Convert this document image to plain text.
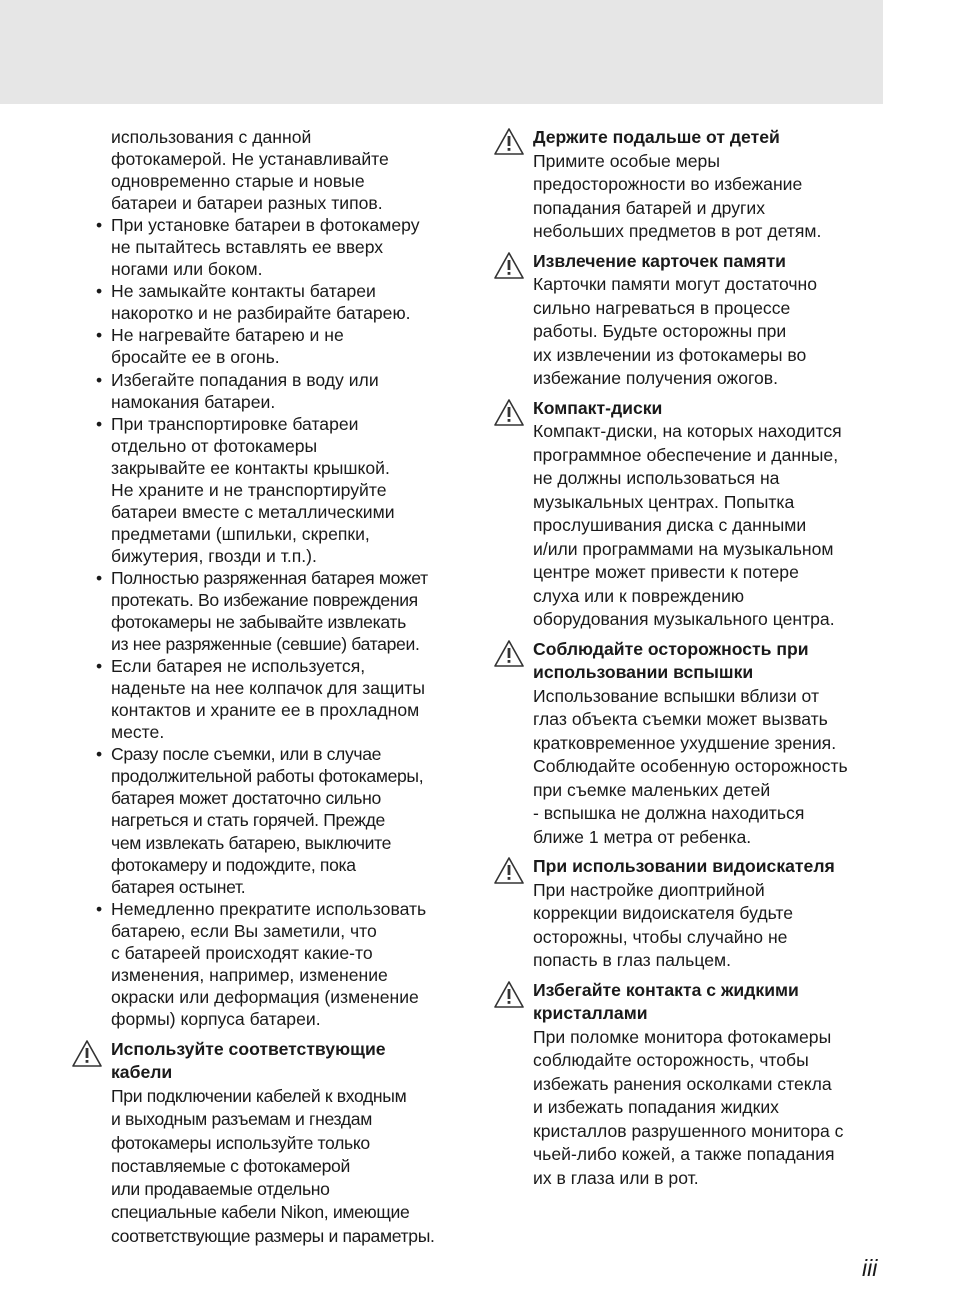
использования с данной
фотокамерой. Не устанавливайте
одновременно старые и новые
батареи и батареи разных типов.

• При установке батареи в фотокамеру
не пытайтесь вставлять ее вверх
ногами или боком.
• Не замыкайте контакты батареи
накоротко и не разбирайте батарею.
• Не нагревайте батарею и не
бросайте ее в огонь.
• Избегайте попадания в воду или
намокания батареи.
• При транспортировке батареи
отдельно от фотокамеры
закрывайте ее контакты крышкой.
Не храните и не транспортируйте
батареи вместе с металлическими
предметами (шпильки, скрепки,
бижутерия, гвозди и т.п.).
• Полностью разряженная батарея может
протекать. Во избежание повреждения
фотокамеры не забывайте извлекать
из нее разряженные (севшие) батареи.
• Если батарея не используется,
наденьте на нее колпачок для защиты
контактов и храните ее в прохладном
месте.
• Сразу после съемки, или в случае
продолжительной работы фотокамеры,
батарея может достаточно сильно
нагреться и стать горячей. Прежде
чем извлекать батарею, выключите
фотокамеру и подождите, пока
батарея остынет.
• Немедленно прекратите использовать
батарею, если Вы заметили, что
с батареей происходят какие-то
изменения, например, изменение
окраски или деформация (изменение
формы) корпуса батареи.
Используйте соответствующие
кабели

При подключении кабелей к входным
и выходным разъемам и гнездам
фотокамеры используйте только
поставляемые с фотокамерой
или продаваемые отдельно
специальные кабели Nikon, имеющие
соответствующие размеры и параметры.

Держите подальше от детей

Примите особые меры
предосторожности во избежание
попадания батарей и других
небольших предметов в рот детям.

Извлечение карточек памяти

Карточки памяти могут достаточно
сильно нагреваться в процессе
работы. Будьте осторожны при
их извлечении из фотокамеры во
избежание получения ожогов.

Компакт-диски

Компакт-диски, на которых находится
программное обеспечение и данные,
не должны использоваться на
музыкальных центрах. Попытка
прослушивания диска с данными
и/или программами на музыкальном
центре может привести к потере
слуха или к повреждению
оборудования музыкального центра.

Соблюдайте осторожность при
использовании вспышки

Использование вспышки вблизи от
глаз объекта съемки может вызвать
кратковременное ухудшение зрения.
Соблюдайте особенную осторожность
при съемке маленьких детей
- вспышка не должна находиться
ближе 1 метра от ребенка.

При использовании видоискателя

При настройке диоптрийной
коррекции видоискателя будьте
осторожны, чтобы случайно не
попасть в глаз пальцем.

Избегайте контакта с жидкими
кристаллами

При поломке монитора фотокамеры
соблюдайте осторожность, чтобы
избежать ранения осколками стекла
и избежать попадания жидких
кристаллов разрушенного монитора с
чьей-либо кожей, а также попадания
их в глаза или в рот.

iii
